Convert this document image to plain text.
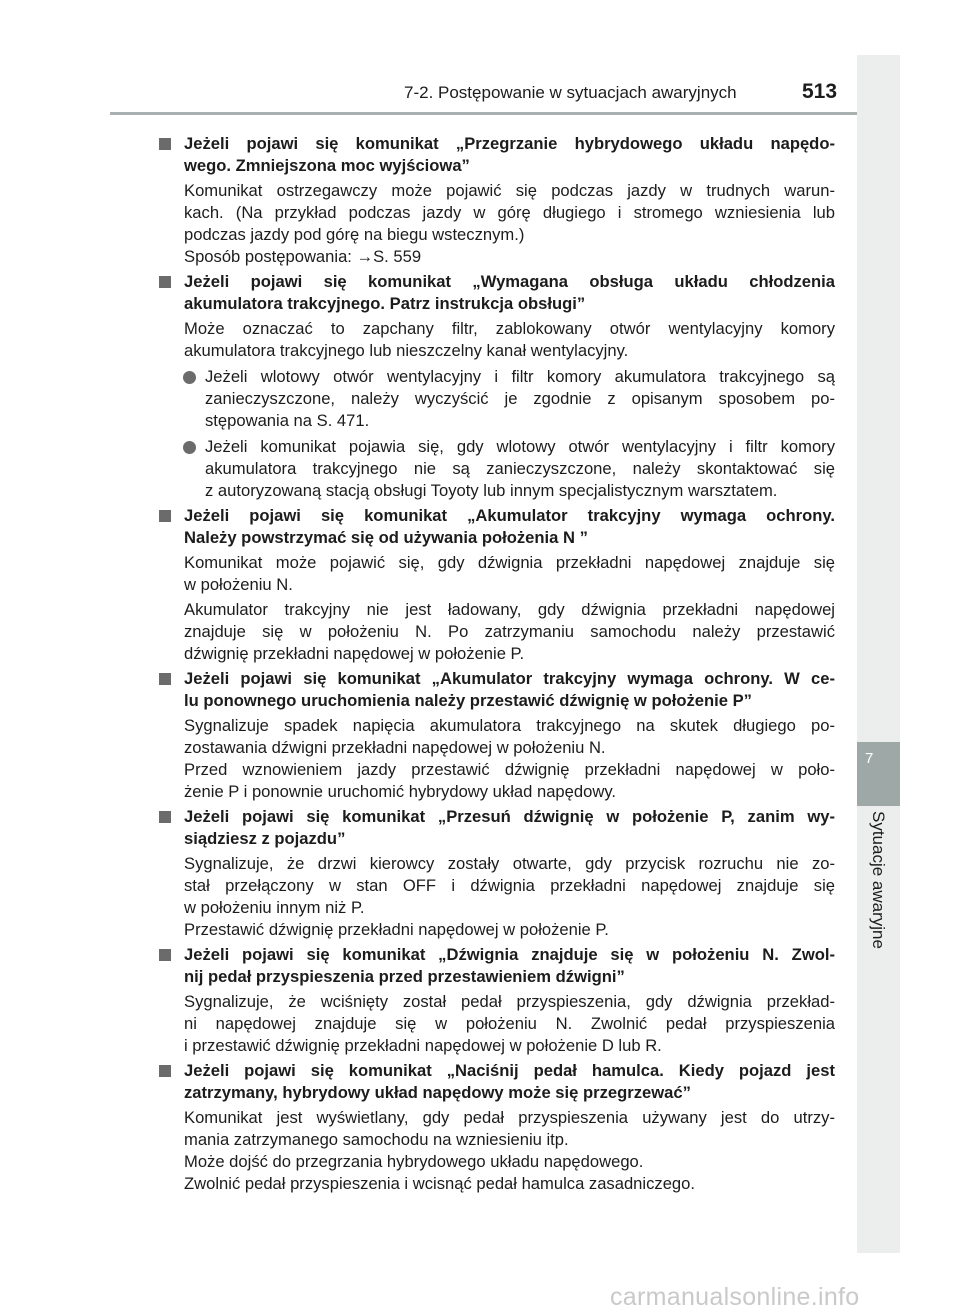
7
Sytuacje awaryjne
7-2. Postępowanie w sytuacjach awaryjnych	513
Jeżeli pojawi się komunikat „Przegrzanie hybrydowego układu napędo-
wego. Zmniejszona moc wyjściowa”
Komunikat ostrzegawczy może pojawić się podczas jazdy w trudnych warun-
kach. (Na przykład podczas jazdy w górę długiego i stromego wzniesienia lub
podczas jazdy pod górę na biegu wstecznym.)
Sposób postępowania: →S. 559
Jeżeli pojawi się komunikat „Wymagana obsługa układu chłodzenia
akumulatora trakcyjnego. Patrz instrukcja obsługi”
Może oznaczać to zapchany filtr, zablokowany otwór wentylacyjny komory
akumulatora trakcyjnego lub nieszczelny kanał wentylacyjny.
Jeżeli wlotowy otwór wentylacyjny i filtr komory akumulatora trakcyjnego są
zanieczyszczone, należy wyczyścić je zgodnie z opisanym sposobem po-
stępowania na S. 471.
Jeżeli komunikat pojawia się, gdy wlotowy otwór wentylacyjny i filtr komory
akumulatora trakcyjnego nie są zanieczyszczone, należy skontaktować się
z autoryzowaną stacją obsługi Toyoty lub innym specjalistycznym warsztatem.
Jeżeli pojawi się komunikat „Akumulator trakcyjny wymaga ochrony.
Należy powstrzymać się od używania położenia N ”
Komunikat może pojawić się, gdy dźwignia przekładni napędowej znajduje się
w położeniu N.
Akumulator trakcyjny nie jest ładowany, gdy dźwignia przekładni napędowej
znajduje się w położeniu N. Po zatrzymaniu samochodu należy przestawić
dźwignię przekładni napędowej w położenie P.
Jeżeli pojawi się komunikat „Akumulator trakcyjny wymaga ochrony. W ce-
lu ponownego uruchomienia należy przestawić dźwignię w położenie P”
Sygnalizuje spadek napięcia akumulatora trakcyjnego na skutek długiego po-
zostawania dźwigni przekładni napędowej w położeniu N.
Przed wznowieniem jazdy przestawić dźwignię przekładni napędowej w poło-
żenie P i ponownie uruchomić hybrydowy układ napędowy.
Jeżeli pojawi się komunikat „Przesuń dźwignię w położenie P, zanim wy-
siądziesz z pojazdu”
Sygnalizuje, że drzwi kierowcy zostały otwarte, gdy przycisk rozruchu nie zo-
stał przełączony w stan OFF i dźwignia przekładni napędowej znajduje się
w położeniu innym niż P.
Przestawić dźwignię przekładni napędowej w położenie P.
Jeżeli pojawi się komunikat „Dźwignia znajduje się w położeniu N. Zwol-
nij pedał przyspieszenia przed przestawieniem dźwigni”
Sygnalizuje, że wciśnięty został pedał przyspieszenia, gdy dźwignia przekład-
ni napędowej znajduje się w położeniu N. Zwolnić pedał przyspieszenia
i przestawić dźwignię przekładni napędowej w położenie D lub R.
Jeżeli pojawi się komunikat „Naciśnij pedał hamulca. Kiedy pojazd jest
zatrzymany, hybrydowy układ napędowy może się przegrzewać”
Komunikat jest wyświetlany, gdy pedał przyspieszenia używany jest do utrzy-
mania zatrzymanego samochodu na wzniesieniu itp.
Może dojść do przegrzania hybrydowego układu napędowego.
Zwolnić pedał przyspieszenia i wcisnąć pedał hamulca zasadniczego.
carmanualsonline.info
